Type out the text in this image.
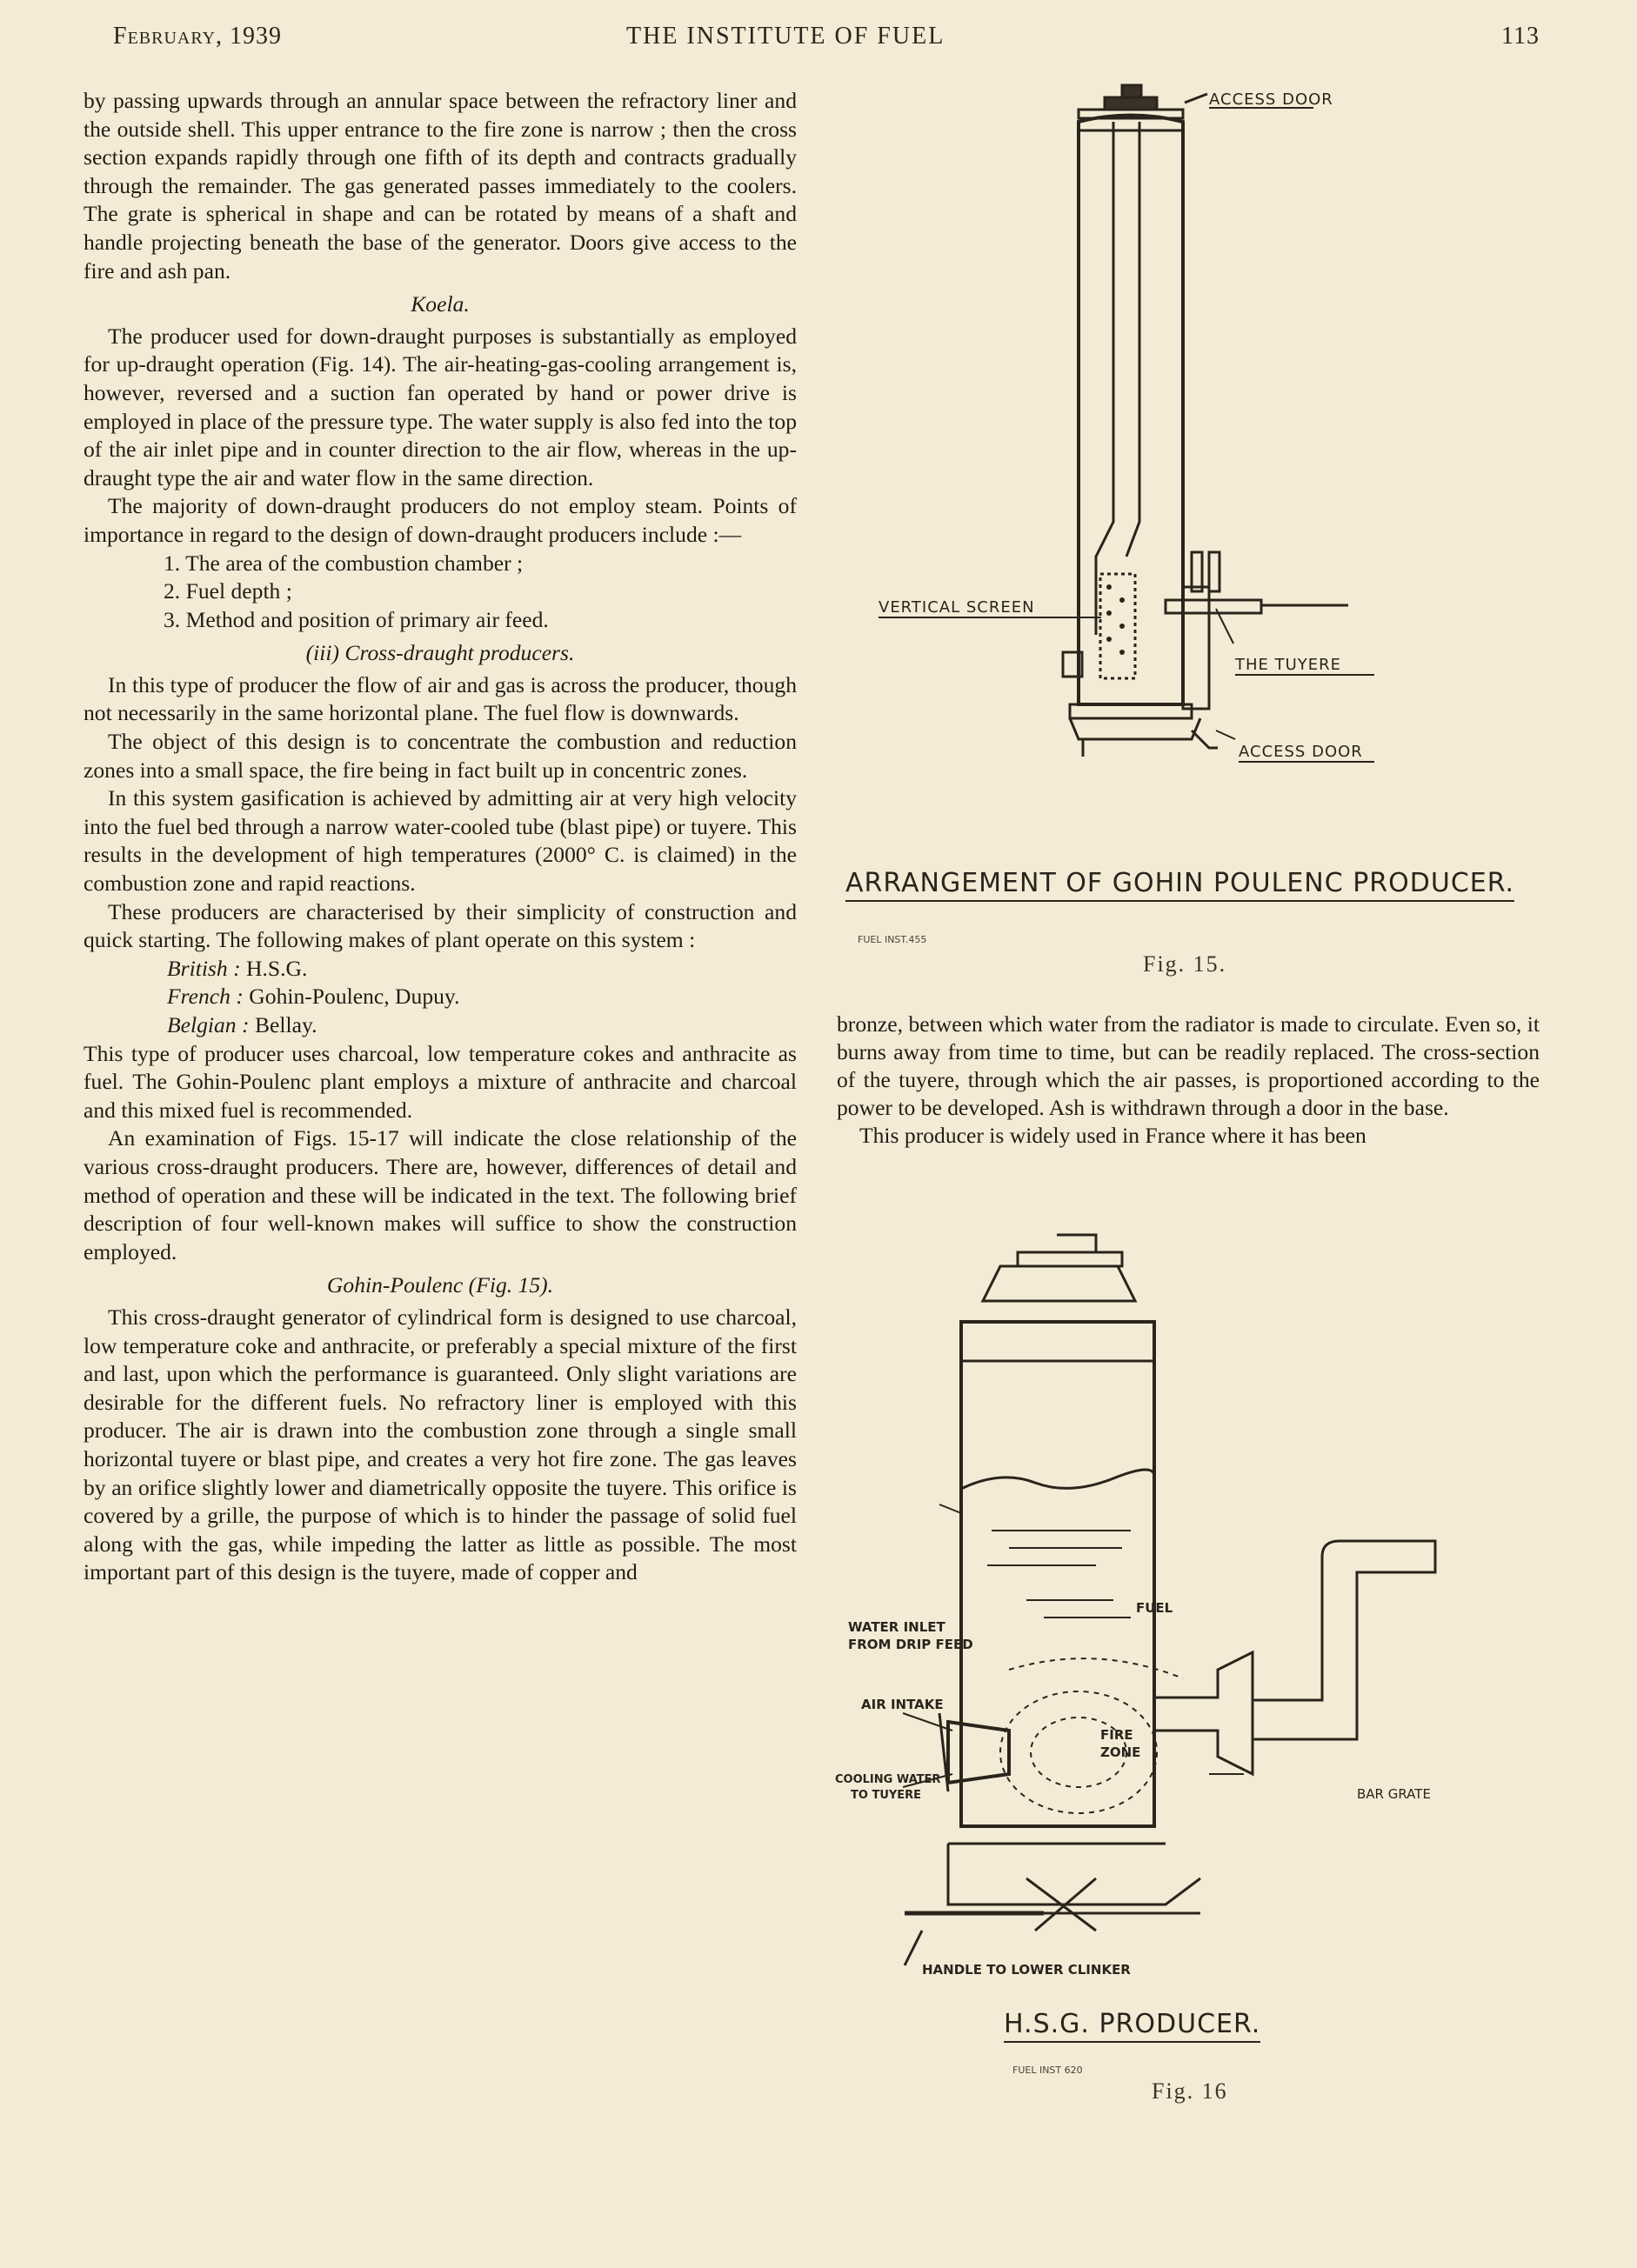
February, 1939	THE INSTITUTE OF FUEL	113

by passing upwards through an annular space between the refractory liner and the outside shell. This upper entrance to the fire zone is narrow ; then the cross section expands rapidly through one fifth of its depth and contracts gradually through the remainder. The gas generated passes immediately to the coolers. The grate is spherical in shape and can be rotated by means of a shaft and handle projecting beneath the base of the generator. Doors give access to the fire and ash pan.

Koela.

The producer used for down-draught purposes is substantially as employed for up-draught operation (Fig. 14). The air-heating-gas-cooling arrangement is, however, reversed and a suction fan operated by hand or power drive is employed in place of the pressure type. The water supply is also fed into the top of the air inlet pipe and in counter direction to the air flow, whereas in the up-draught type the air and water flow in the same direction.

The majority of down-draught producers do not employ steam. Points of importance in regard to the design of down-draught producers include :—

1. The area of the combustion chamber ;
2. Fuel depth ;
3. Method and position of primary air feed.

(iii) Cross-draught producers.

In this type of producer the flow of air and gas is across the producer, though not necessarily in the same horizontal plane. The fuel flow is downwards.

The object of this design is to concentrate the combustion and reduction zones into a small space, the fire being in fact built up in concentric zones.

In this system gasification is achieved by admitting air at very high velocity into the fuel bed through a narrow water-cooled tube (blast pipe) or tuyere. This results in the development of high temperatures (2000° C. is claimed) in the combustion zone and rapid reactions.

These producers are characterised by their simplicity of construction and quick starting. The following makes of plant operate on this system :

British : H.S.G.
French : Gohin-Poulenc, Dupuy.
Belgian : Bellay.

This type of producer uses charcoal, low temperature cokes and anthracite as fuel. The Gohin-Poulenc plant employs a mixture of anthracite and charcoal and this mixed fuel is recommended.

An examination of Figs. 15-17 will indicate the close relationship of the various cross-draught producers. There are, however, differences of detail and method of operation and these will be indicated in the text. The following brief description of four well-known makes will suffice to show the construction employed.

Gohin-Poulenc (Fig. 15).

This cross-draught generator of cylindrical form is designed to use charcoal, low temperature coke and anthracite, or preferably a special mixture of the first and last, upon which the performance is guaranteed. Only slight variations are desirable for the different fuels. No refractory liner is employed with this producer. The air is drawn into the combustion zone through a single small horizontal tuyere or blast pipe, and creates a very hot fire zone. The gas leaves by an orifice slightly lower and diametrically opposite the tuyere. This orifice is covered by a grille, the purpose of which is to hinder the passage of solid fuel along with the gas, while impeding the latter as little as possible. The most important part of this design is the tuyere, made of copper and

ACCESS DOOR
VERTICAL SCREEN
THE TUYERE
ACCESS DOOR
ARRANGEMENT OF GOHIN POULENC PRODUCER.
FUEL INST.455
Fig. 15.

bronze, between which water from the radiator is made to circulate. Even so, it burns away from time to time, but can be readily replaced. The cross-section of the tuyere, through which the air passes, is proportioned according to the power to be developed. Ash is withdrawn through a door in the base.

This producer is widely used in France where it has been

FUEL
WATER INLET
FROM DRIP FEED
AIR INTAKE
FIRE
ZONE
COOLING WATER
TO TUYERE	BAR GRATE
HANDLE TO LOWER CLINKER
H.S.G. PRODUCER.
FUEL INST 620
Fig. 16
